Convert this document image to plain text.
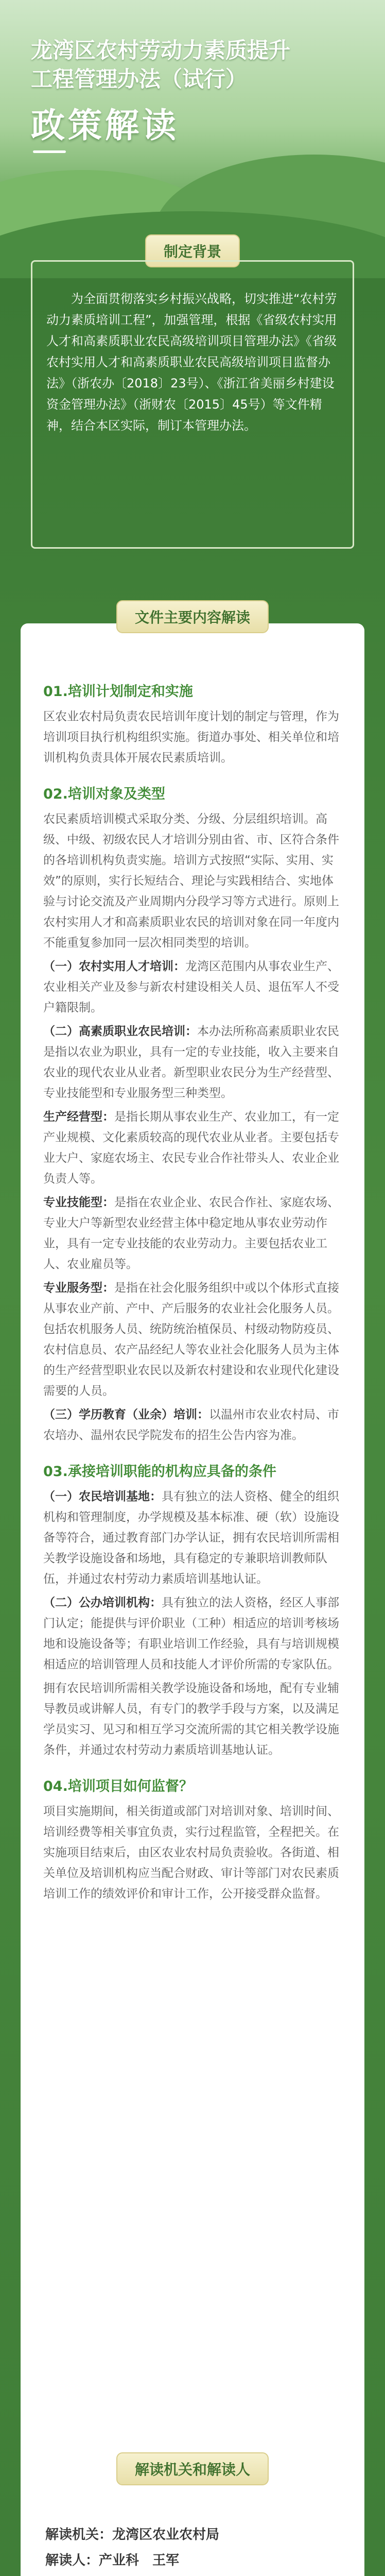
龙湾区农村劳动力素质提升
工程管理办法（试行）
政策解读
制定背景
为全面贯彻落实乡村振兴战略，切实推进“农村劳动力素质培训工程”，加强管理，根据《省级农村实用人才和高素质职业农民高级培训项目管理办法》《省级农村实用人才和高素质职业农民高级培训项目监督办法》（浙农办〔2018〕23号）、《浙江省美丽乡村建设资金管理办法》（浙财农〔2015〕45号）等文件精神，结合本区实际，制订本管理办法。
01.培训计划制定和实施

区农业农村局负责农民培训年度计划的制定与管理，作为培训项目执行机构组织实施。街道办事处、相关单位和培训机构负责具体开展农民素质培训。

02.培训对象及类型

农民素质培训模式采取分类、分级、分层组织培训。高级、中级、初级农民人才培训分别由省、市、区符合条件的各培训机构负责实施。培训方式按照“实际、实用、实效”的原则，实行长短结合、理论与实践相结合、实地体验与讨论交流及产业周期内分段学习等方式进行。原则上农村实用人才和高素质职业农民的培训对象在同一年度内不能重复参加同一层次相同类型的培训。

（一）农村实用人才培训：龙湾区范围内从事农业生产、农业相关产业及参与新农村建设相关人员、退伍军人不受户籍限制。

（二）高素质职业农民培训：本办法所称高素质职业农民是指以农业为职业，具有一定的专业技能，收入主要来自农业的现代农业从业者。新型职业农民分为生产经营型、专业技能型和专业服务型三种类型。

生产经营型：是指长期从事农业生产、农业加工，有一定产业规模、文化素质较高的现代农业从业者。主要包括专业大户、家庭农场主、农民专业合作社带头人、农业企业负责人等。

专业技能型：是指在农业企业、农民合作社、家庭农场、专业大户等新型农业经营主体中稳定地从事农业劳动作业，具有一定专业技能的农业劳动力。主要包括农业工人、农业雇员等。

专业服务型：是指在社会化服务组织中或以个体形式直接从事农业产前、产中、产后服务的农业社会化服务人员。包括农机服务人员、统防统治植保员、村级动物防疫员、农村信息员、农产品经纪人等农业社会化服务人员为主体的生产经营型职业农民以及新农村建设和农业现代化建设需要的人员。

（三）学历教育（业余）培训：以温州市农业农村局、市农培办、温州农民学院发布的招生公告内容为准。

03.承接培训职能的机构应具备的条件

（一）农民培训基地：具有独立的法人资格、健全的组织机构和管理制度，办学规模及基本标准、硬（软）设施设备等符合，通过教育部门办学认证，拥有农民培训所需相关教学设施设备和场地，具有稳定的专兼职培训教师队伍，并通过农村劳动力素质培训基地认证。

（二）公办培训机构：具有独立的法人资格，经区人事部门认定；能提供与评价职业（工种）相适应的培训考核场地和设施设备等；有职业培训工作经验，具有与培训规模相适应的培训管理人员和技能人才评价所需的专家队伍。

拥有农民培训所需相关教学设施设备和场地，配有专业辅导教员或讲解人员，有专门的教学手段与方案，以及满足学员实习、见习和相互学习交流所需的其它相关教学设施条件，并通过农村劳动力素质培训基地认证。

04.培训项目如何监督？

项目实施期间，相关街道或部门对培训对象、培训时间、培训经费等相关事宜负责，实行过程监管，全程把关。在实施项目结束后，由区农业农村局负责验收。各街道、相关单位及培训机构应当配合财政、审计等部门对农民素质培训工作的绩效评价和审计工作，公开接受群众监督。

文件主要内容解读

解读机关：龙湾区农业农村局

解读人：产业科　王军

解读机关和解读人
